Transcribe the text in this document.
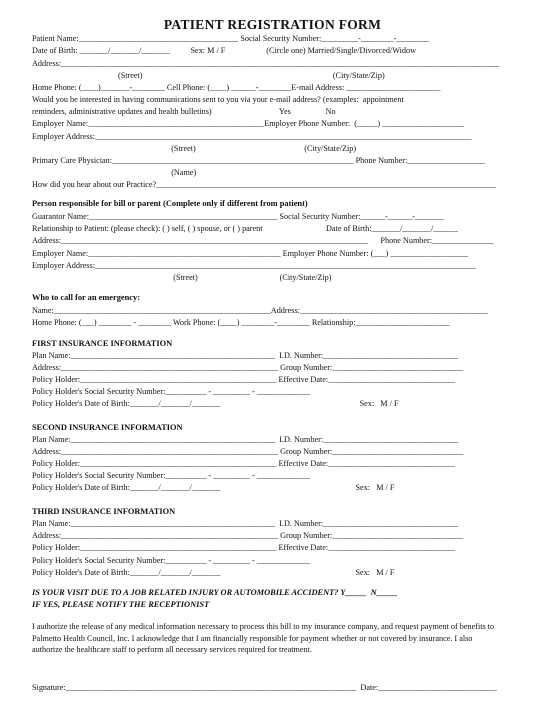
PATIENT REGISTRATION FORM
Patient Name:_______________________________________ Social Security Number:_________-________-________
Date of Birth: _______/_______/_______          Sex: M / F                    (Circle one) Married/Single/Divorced/Widow
Address:___________________________________________________________________________________________________________
(Street)                                                                                             (City/State/Zip)
Home Phone: (____)_______-________ Cell Phone: (____) ______-________E-mail Address: _______________________
Would you be interested in having communications sent to you via your e-mail address? (examples:  appointment
reminders, administrative updates and health bulletins)                                 Yes                 No
Employer Name:___________________________________________Employer Phone Number:  (_____) ____________________
Employer Address:____________________________________________________________________________________________
(Street)                                                     (City/State/Zip)
Primary Care Physician:___________________________________________________________ Phone Number:___________________
(Name)
How did you hear about our Practice?___________________________________________________________________________________
Person responsible for bill or parent (Complete only if different from patient)
Guarantor Name:______________________________________________ Social Security Number:______-______-_______
Relationship to Patient: (please check): ( ) self, ( ) spouse, or ( ) parent                               Date of Birth:_______/_______/______
Address:___________________________________________________________________________      Phone Number:_______________
Employer Name:_______________________________________________ Employer Phone Number: (___) ___________________
Employer Address:_____________________________________________________________________________________________
(Street)                                        (City/State/Zip)
Who to call for an emergency:
Name:_____________________________________________________Address:______________________________________________
Home Phone: (___) ________ - ________ Work Phone: (____) ________-________ Relationship:_______________________
FIRST INSURANCE INFORMATION
Plan Name:__________________________________________________  I.D. Number:_________________________________
Address:_____________________________________________________ Group Number:________________________________
Policy Holder:________________________________________________ Effective Date:_______________________________
Policy Holder's Social Security Number:__________ - _________ - _____________
Policy Holder's Date of Birth:_______/_______/_______                                                                    Sex:   M / F
SECOND INSURANCE INFORMATION
Plan Name:__________________________________________________  I.D. Number:_________________________________
Address:_____________________________________________________ Group Number:________________________________
Policy Holder:________________________________________________ Effective Date:_______________________________
Policy Holder's Social Security Number:__________ - _________ - _____________
Policy Holder's Date of Birth:_______/_______/_______                                                                  Sex:   M / F
THIRD INSURANCE INFORMATION
Plan Name:__________________________________________________  I.D. Number:_________________________________
Address:_____________________________________________________ Group Number:________________________________
Policy Holder:________________________________________________ Effective Date:_______________________________
Policy Holder's Social Security Number:__________ - _________ - _____________
Policy Holder's Date of Birth:_______/_______/_______                                                                  Sex:   M / F
IS YOUR VISIT DUE TO A JOB RELATED INJURY OR AUTOMOBILE ACCIDENT? Y_____  N_____
IF YES, PLEASE NOTIFY THE RECEPTIONIST
I authorize the release of any medical information necessary to process this bill to my insurance company, and request payment of benefits to Palmetto Health Council, Inc. I acknowledge that I am financially responsible for payment whether or not covered by insurance. I also authorize the healthcare staff to perform all necessary services required for treatment.
Signature:_______________________________________________________________________  Date:_____________________________
